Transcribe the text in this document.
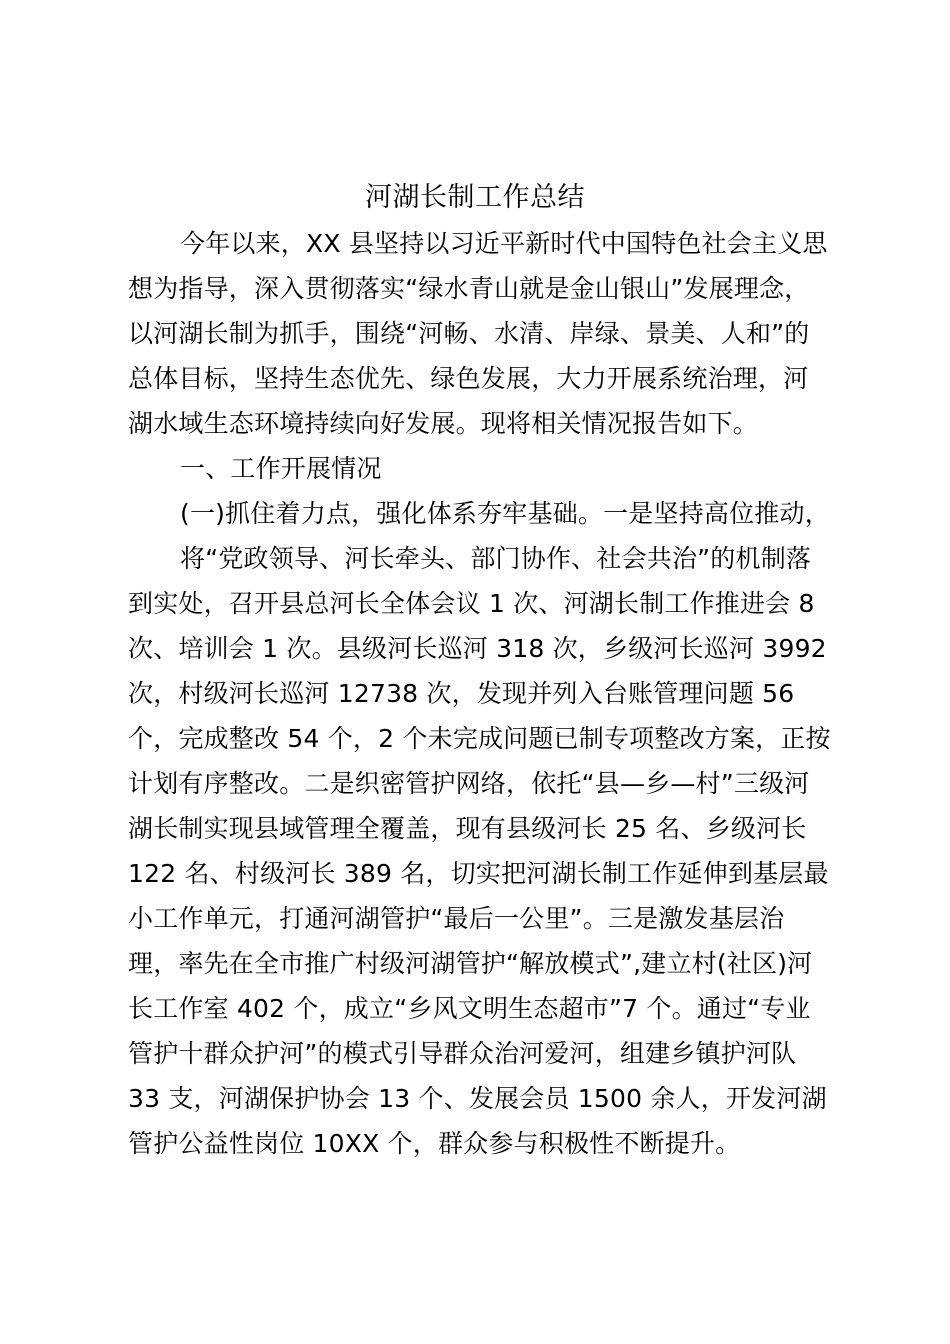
河湖长制工作总结
今年以来，XX 县坚持以习近平新时代中国特色社会主义思
想为指导，深入贯彻落实“绿水青山就是金山银山”发展理念，
以河湖长制为抓手，围绕“河畅、水清、岸绿、景美、人和”的
总体目标，坚持生态优先、绿色发展，大力开展系统治理，河
湖水域生态环境持续向好发展。现将相关情况报告如下。
一、工作开展情况
(一)抓住着力点，强化体系夯牢基础。一是坚持高位推动，
将“党政领导、河长牵头、部门协作、社会共治”的机制落
到实处，召开县总河长全体会议 1 次、河湖长制工作推进会 8
次、培训会 1 次。县级河长巡河 318 次，乡级河长巡河 3992
次，村级河长巡河 12738 次，发现并列入台账管理问题 56
个，完成整改 54 个，2 个未完成问题已制专项整改方案，正按
计划有序整改。二是织密管护网络，依托“县—乡—村”三级河
湖长制实现县域管理全覆盖，现有县级河长 25 名、乡级河长
122 名、村级河长 389 名，切实把河湖长制工作延伸到基层最
小工作单元，打通河湖管护“最后一公里”。三是激发基层治
理，率先在全市推广村级河湖管护“解放模式”,建立村(社区)河
长工作室 402 个，成立“乡风文明生态超市”7 个。通过“专业
管护十群众护河”的模式引导群众治河爱河，组建乡镇护河队
33 支，河湖保护协会 13 个、发展会员 1500 余人，开发河湖
管护公益性岗位 10XX 个，群众参与积极性不断提升。
